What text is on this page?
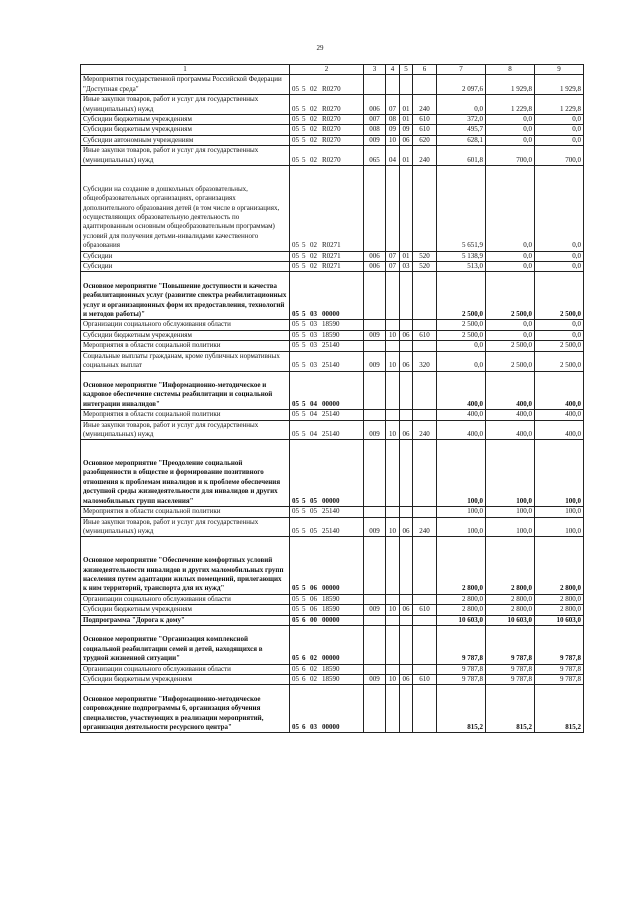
29
1	2	3	4	5	6	7	8	9
Мероприятия государственной программы Российской Федерации "Доступная среда"	05 5 02 R0270					2 097,6	1 929,8	1 929,8
Иные закупки товаров, работ и услуг для государственных (муниципальных) нужд	05 5 02 R0270	006	07	01	240	0,0	1 229,8	1 229,8
Субсидии бюджетным учреждениям	05 5 02 R0270	007	08	01	610	372,0	0,0	0,0
Субсидии бюджетным учреждениям	05 5 02 R0270	008	09	09	610	495,7	0,0	0,0
Субсидии автономным учреждениям	05 5 02 R0270	009	10	06	620	628,1	0,0	0,0
Иные закупки товаров, работ и услуг для государственных (муниципальных) нужд	05 5 02 R0270	065	04	01	240	601,8	700,0	700,0
Субсидии на создание в дошкольных образовательных, общеобразовательных организациях, организациях дополнительного образования детей (в том числе в организациях, осуществляющих образовательную деятельность по адаптированным основным общеобразовательным программам) условий для получения детьми-инвалидами качественного образования	05 5 02 R0271					5 651,9	0,0	0,0
Субсидии	05 5 02 R0271	006	07	01	520	5 138,9	0,0	0,0
Субсидии	05 5 02 R0271	006	07	03	520	513,0	0,0	0,0
Основное мероприятие "Повышение доступности и качества реабилитационных услуг (развитие спектра реабилитационных услуг и организационных форм их предоставления, технологий и методов работы)"	05 5 03 00000					2 500,0	2 500,0	2 500,0
Организации социального обслуживания области	05 5 03 18590					2 500,0	0,0	0,0
Субсидии бюджетным учреждениям	05 5 03 18590	009	10	06	610	2 500,0	0,0	0,0
Мероприятия в области социальной политики	05 5 03 25140					0,0	2 500,0	2 500,0
Социальные выплаты гражданам, кроме публичных нормативных социальных выплат	05 5 03 25140	009	10	06	320	0,0	2 500,0	2 500,0
Основное мероприятие "Информационно-методическое и кадровое обеспечение системы реабилитации и социальной интеграции инвалидов"	05 5 04 00000					400,0	400,0	400,0
Мероприятия в области социальной политики	05 5 04 25140					400,0	400,0	400,0
Иные закупки товаров, работ и услуг для государственных (муниципальных) нужд	05 5 04 25140	009	10	06	240	400,0	400,0	400,0
Основное мероприятие "Преодоление социальной разобщенности в обществе и формирование позитивного отношения к проблемам инвалидов и к проблеме обеспечения доступной среды жизнедеятельности для инвалидов и других маломобильных групп населения"	05 5 05 00000					100,0	100,0	100,0
Мероприятия в области социальной политики	05 5 05 25140					100,0	100,0	100,0
Иные закупки товаров, работ и услуг для государственных (муниципальных) нужд	05 5 05 25140	009	10	06	240	100,0	100,0	100,0
Основное мероприятие "Обеспечение комфортных условий жизнедеятельности инвалидов и других маломобильных групп населения путем адаптации жилых помещений, прилегающих к ним территорий, транспорта для их нужд"	05 5 06 00000					2 800,0	2 800,0	2 800,0
Организации социального обслуживания области	05 5 06 18590					2 800,0	2 800,0	2 800,0
Субсидии бюджетным учреждениям	05 5 06 18590	009	10	06	610	2 800,0	2 800,0	2 800,0
Подпрограмма "Дорога к дому"	05 6 00 00000					10 603,0	10 603,0	10 603,0
Основное мероприятие "Организация комплексной социальной реабилитации семей и детей, находящихся в трудной жизненной ситуации"	05 6 02 00000					9 787,8	9 787,8	9 787,8
Организации социального обслуживания области	05 6 02 18590					9 787,8	9 787,8	9 787,8
Субсидии бюджетным учреждениям	05 6 02 18590	009	10	06	610	9 787,8	9 787,8	9 787,8
Основное мероприятие "Информационно-методическое сопровождение подпрограммы 6, организация обучения специалистов, участвующих в реализации мероприятий, организация деятельности ресурсного центра"	05 6 03 00000					815,2	815,2	815,2
